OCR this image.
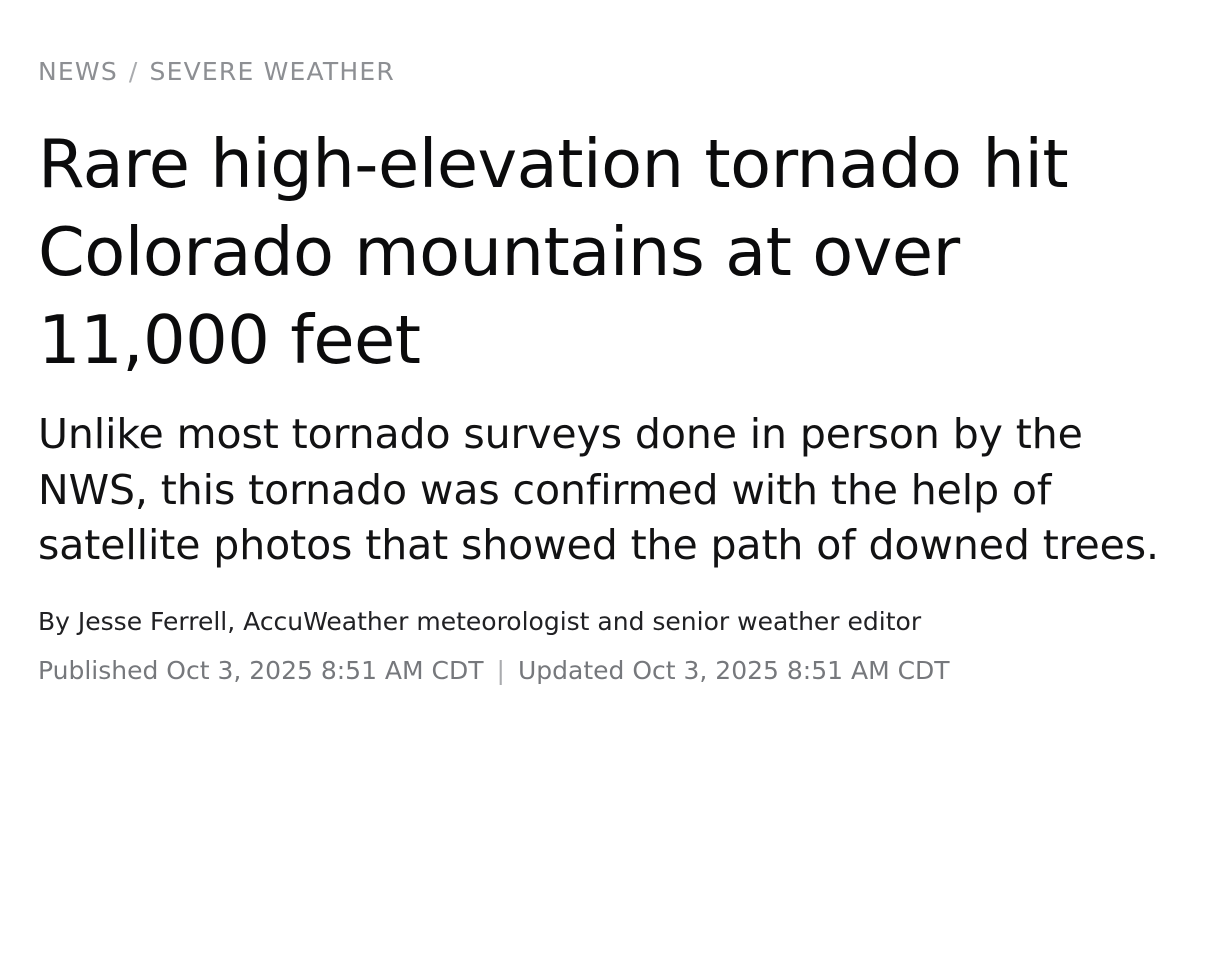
NEWS / SEVERE WEATHER
Rare high-elevation tornado hit Colorado mountains at over 11,000 feet

Unlike most tornado surveys done in person by the NWS, this tornado was confirmed with the help of satellite photos that showed the path of downed trees.

By Jesse Ferrell, AccuWeather meteorologist and senior weather editor
Published Oct 3, 2025 8:51 AM CDT | Updated Oct 3, 2025 8:51 AM CDT
